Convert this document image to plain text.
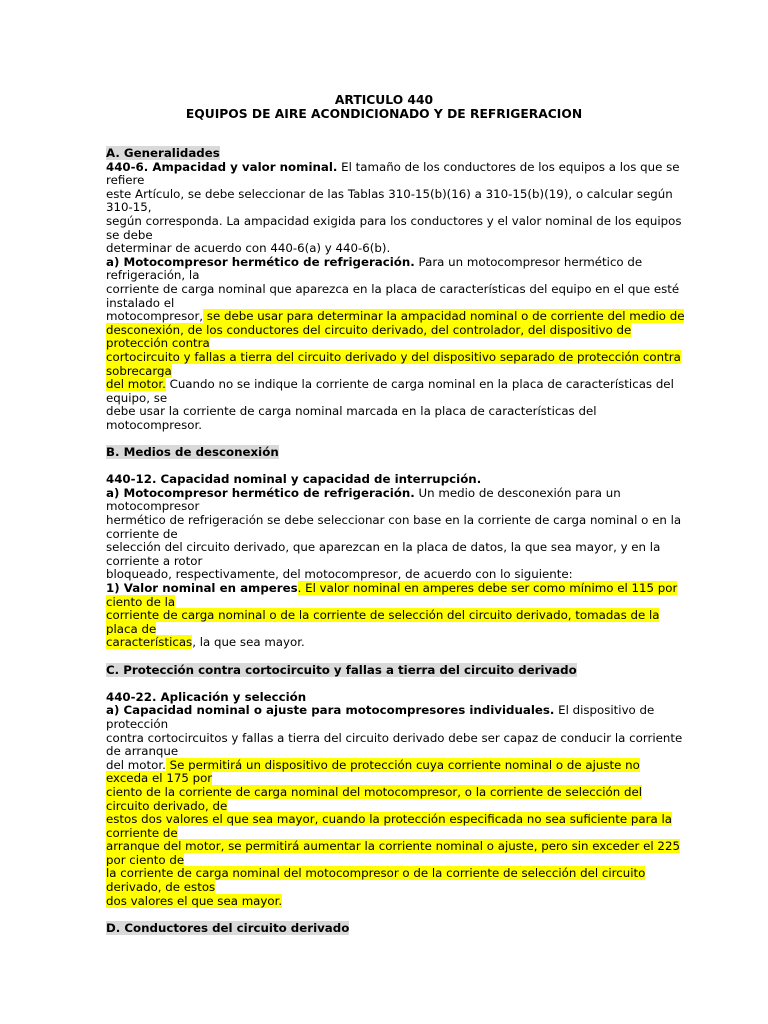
ARTICULO 440
EQUIPOS DE AIRE ACONDICIONADO Y DE REFRIGERACION
A. Generalidades
440-6. Ampacidad y valor nominal. El tamaño de los conductores de los equipos a los que se
refiere
este Artículo, se debe seleccionar de las Tablas 310-15(b)(16) a 310-15(b)(19), o calcular según
310-15,
según corresponda. La ampacidad exigida para los conductores y el valor nominal de los equipos
se debe
determinar de acuerdo con 440-6(a) y 440-6(b).
a) Motocompresor hermético de refrigeración. Para un motocompresor hermético de
refrigeración, la
corriente de carga nominal que aparezca en la placa de características del equipo en el que esté
instalado el
motocompresor, se debe usar para determinar la ampacidad nominal o de corriente del medio de
desconexión, de los conductores del circuito derivado, del controlador, del dispositivo de
protección contra
cortocircuito y fallas a tierra del circuito derivado y del dispositivo separado de protección contra
sobrecarga
del motor. Cuando no se indique la corriente de carga nominal en la placa de características del
equipo, se
debe usar la corriente de carga nominal marcada en la placa de características del
motocompresor.
B. Medios de desconexión
440-12. Capacidad nominal y capacidad de interrupción.
a) Motocompresor hermético de refrigeración. Un medio de desconexión para un
motocompresor
hermético de refrigeración se debe seleccionar con base en la corriente de carga nominal o en la
corriente de
selección del circuito derivado, que aparezcan en la placa de datos, la que sea mayor, y en la
corriente a rotor
bloqueado, respectivamente, del motocompresor, de acuerdo con lo siguiente:
1) Valor nominal en amperes. El valor nominal en amperes debe ser como mínimo el 115 por
ciento de la
corriente de carga nominal o de la corriente de selección del circuito derivado, tomadas de la
placa de
características, la que sea mayor.
C. Protección contra cortocircuito y fallas a tierra del circuito derivado
440-22. Aplicación y selección
a) Capacidad nominal o ajuste para motocompresores individuales. El dispositivo de
protección
contra cortocircuitos y fallas a tierra del circuito derivado debe ser capaz de conducir la corriente
de arranque
del motor. Se permitirá un dispositivo de protección cuya corriente nominal o de ajuste no
exceda el 175 por
ciento de la corriente de carga nominal del motocompresor, o la corriente de selección del
circuito derivado, de
estos dos valores el que sea mayor, cuando la protección especificada no sea suficiente para la
corriente de
arranque del motor, se permitirá aumentar la corriente nominal o ajuste, pero sin exceder el 225
por ciento de
la corriente de carga nominal del motocompresor o de la corriente de selección del circuito
derivado, de estos
dos valores el que sea mayor.
D. Conductores del circuito derivado
